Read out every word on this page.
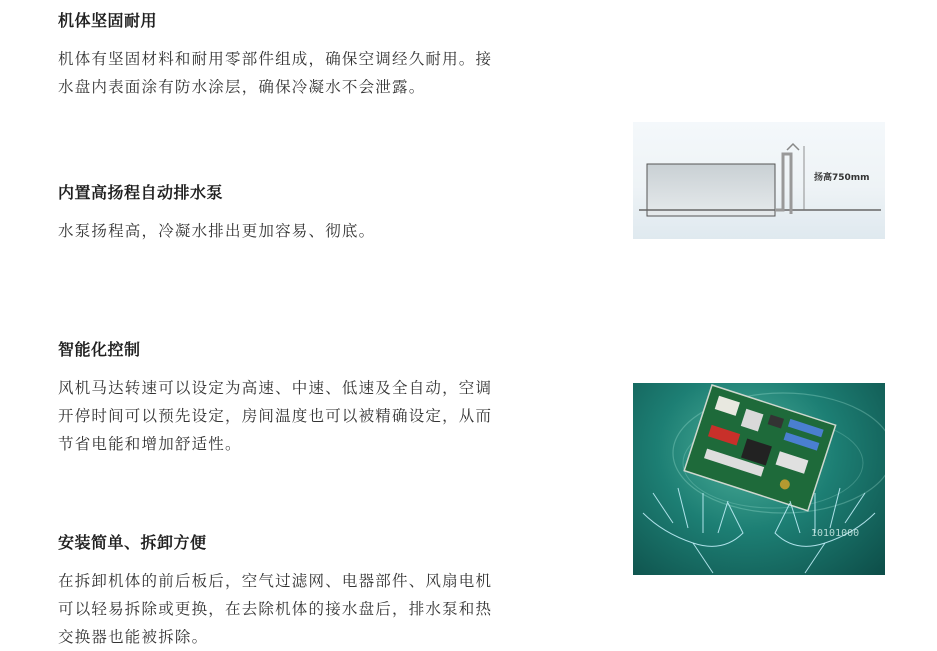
机体坚固耐用

机体有坚固材料和耐用零部件组成，确保空调经久耐用。接
水盘内表面涂有防水涂层，确保冷凝水不会泄露。

内置高扬程自动排水泵

水泵扬程高，冷凝水排出更加容易、彻底。

智能化控制

风机马达转速可以设定为高速、中速、低速及全自动，空调
开停时间可以预先设定，房间温度也可以被精确设定，从而
节省电能和增加舒适性。

安装简单、拆卸方便

在拆卸机体的前后板后，空气过滤网、电器部件、风扇电机
可以轻易拆除或更换，在去除机体的接水盘后，排水泵和热
交换器也能被拆除。

扬高750mm
10101000
